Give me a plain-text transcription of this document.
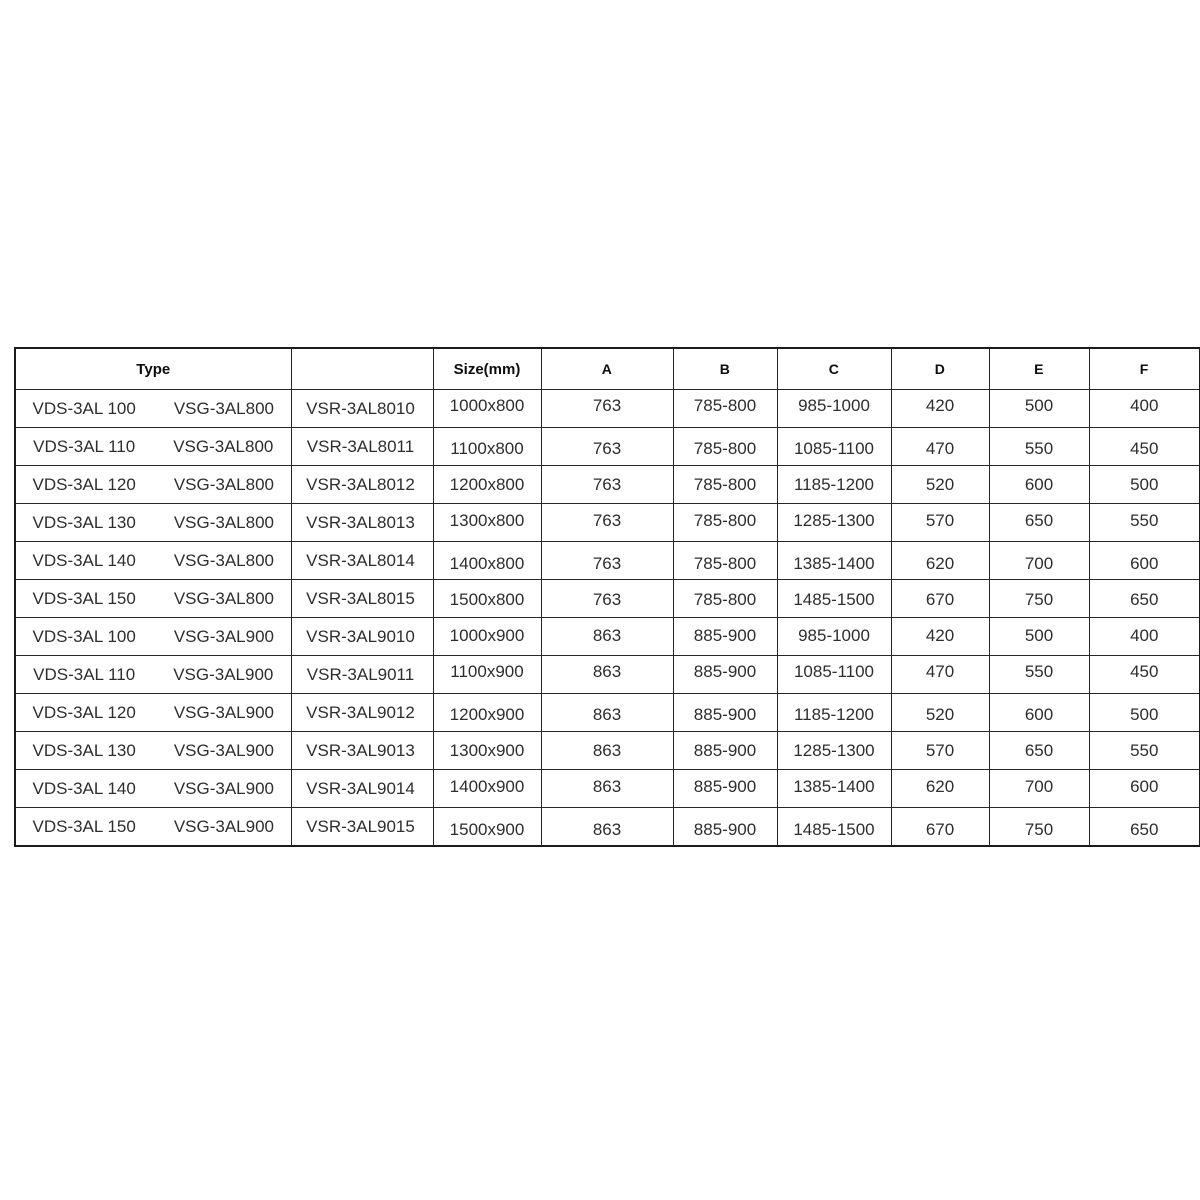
Type		Size(mm)	A	B	C	D	E	F

VDS-3AL 100 VSG-3AL800	VSR-3AL8010	1000x800	763	785-800	985-1000	420	500	400

VDS-3AL 110 VSG-3AL800	VSR-3AL8011	1100x800	763	785-800	1085-1100	470	550	450

VDS-3AL 120 VSG-3AL800	VSR-3AL8012	1200x800	763	785-800	1185-1200	520	600	500

VDS-3AL 130 VSG-3AL800	VSR-3AL8013	1300x800	763	785-800	1285-1300	570	650	550

VDS-3AL 140 VSG-3AL800	VSR-3AL8014	1400x800	763	785-800	1385-1400	620	700	600

VDS-3AL 150 VSG-3AL800	VSR-3AL8015	1500x800	763	785-800	1485-1500	670	750	650

VDS-3AL 100 VSG-3AL900	VSR-3AL9010	1000x900	863	885-900	985-1000	420	500	400

VDS-3AL 110 VSG-3AL900	VSR-3AL9011	1100x900	863	885-900	1085-1100	470	550	450

VDS-3AL 120 VSG-3AL900	VSR-3AL9012	1200x900	863	885-900	1185-1200	520	600	500

VDS-3AL 130 VSG-3AL900	VSR-3AL9013	1300x900	863	885-900	1285-1300	570	650	550

VDS-3AL 140 VSG-3AL900	VSR-3AL9014	1400x900	863	885-900	1385-1400	620	700	600

VDS-3AL 150 VSG-3AL900	VSR-3AL9015	1500x900	863	885-900	1485-1500	670	750	650
